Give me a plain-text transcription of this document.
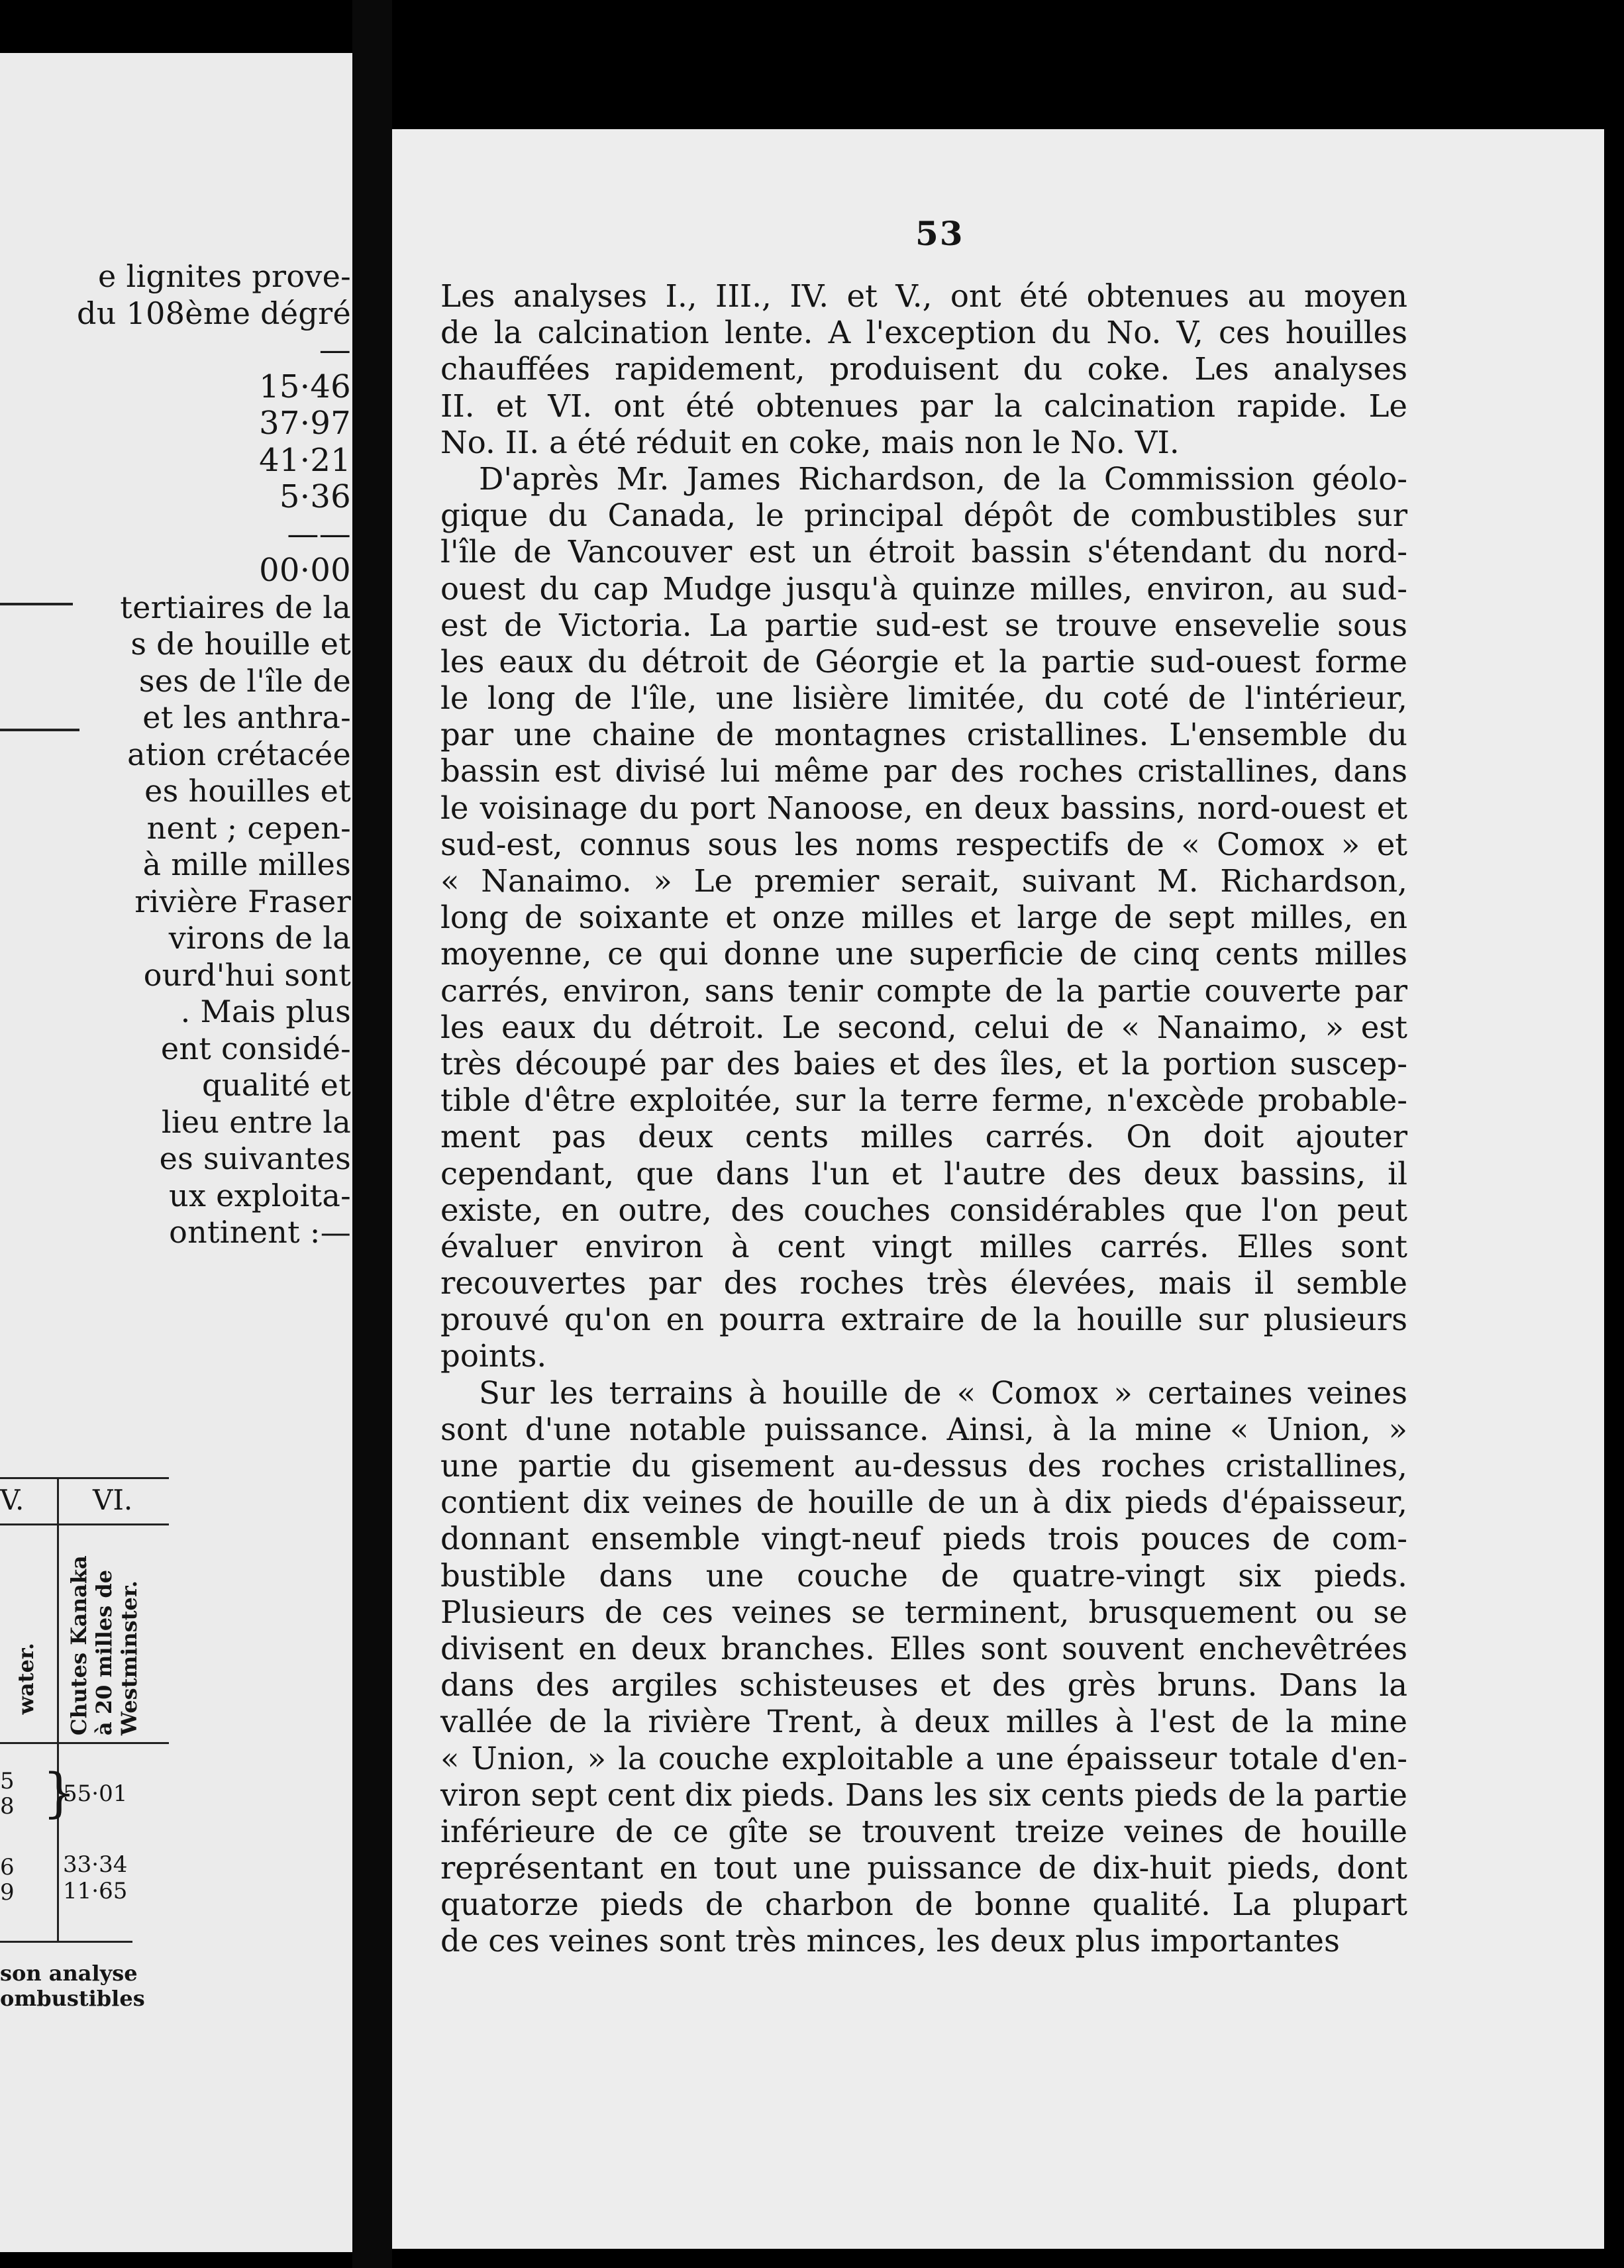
e lignites prove-
du 108ème dégré
—
15·46
37·97
41·21
5·36
——
00·00
tertiaires de la
s de houille et
ses de l'île de
et les anthra-
ation crétacée
es houilles et
nent ; cepen-
à mille milles
rivière Fraser
virons de la
ourd'hui sont
. Mais plus
ent considé-
qualité et
lieu entre la
es suivantes
ux exploita-
ontinent :—
V. VI.
water. Chutes Kanaka à 20 milles de Westminster.
5
8 }
55·01
6
9
33·34
11·65
son analyse
ombustibles
53
Les analyses I., III., IV. et V., ont été obtenues au moyen
de la calcination lente. A l'exception du No. V, ces houilles
chauffées rapidement, produisent du coke. Les analyses
II. et VI. ont été obtenues par la calcination rapide. Le
No. II. a été réduit en coke, mais non le No. VI.
D'après Mr. James Richardson, de la Commission géolo-
gique du Canada, le principal dépôt de combustibles sur
l'île de Vancouver est un étroit bassin s'étendant du nord-
ouest du cap Mudge jusqu'à quinze milles, environ, au sud-
est de Victoria. La partie sud-est se trouve ensevelie sous
les eaux du détroit de Géorgie et la partie sud-ouest forme
le long de l'île, une lisière limitée, du coté de l'intérieur,
par une chaine de montagnes cristallines. L'ensemble du
bassin est divisé lui même par des roches cristallines, dans
le voisinage du port Nanoose, en deux bassins, nord-ouest et
sud-est, connus sous les noms respectifs de « Comox » et
« Nanaimo. » Le premier serait, suivant M. Richardson,
long de soixante et onze milles et large de sept milles, en
moyenne, ce qui donne une superficie de cinq cents milles
carrés, environ, sans tenir compte de la partie couverte par
les eaux du détroit. Le second, celui de « Nanaimo, » est
très découpé par des baies et des îles, et la portion suscep-
tible d'être exploitée, sur la terre ferme, n'excède probable-
ment pas deux cents milles carrés. On doit ajouter
cependant, que dans l'un et l'autre des deux bassins, il
existe, en outre, des couches considérables que l'on peut
évaluer environ à cent vingt milles carrés. Elles sont
recouvertes par des roches très élevées, mais il semble
prouvé qu'on en pourra extraire de la houille sur plusieurs
points.
Sur les terrains à houille de « Comox » certaines veines
sont d'une notable puissance. Ainsi, à la mine « Union, »
une partie du gisement au-dessus des roches cristallines,
contient dix veines de houille de un à dix pieds d'épaisseur,
donnant ensemble vingt-neuf pieds trois pouces de com-
bustible dans une couche de quatre-vingt six pieds.
Plusieurs de ces veines se terminent, brusquement ou se
divisent en deux branches. Elles sont souvent enchevêtrées
dans des argiles schisteuses et des grès bruns. Dans la
vallée de la rivière Trent, à deux milles à l'est de la mine
« Union, » la couche exploitable a une épaisseur totale d'en-
viron sept cent dix pieds. Dans les six cents pieds de la partie
inférieure de ce gîte se trouvent treize veines de houille
représentant en tout une puissance de dix-huit pieds, dont
quatorze pieds de charbon de bonne qualité. La plupart
de ces veines sont très minces, les deux plus importantes
